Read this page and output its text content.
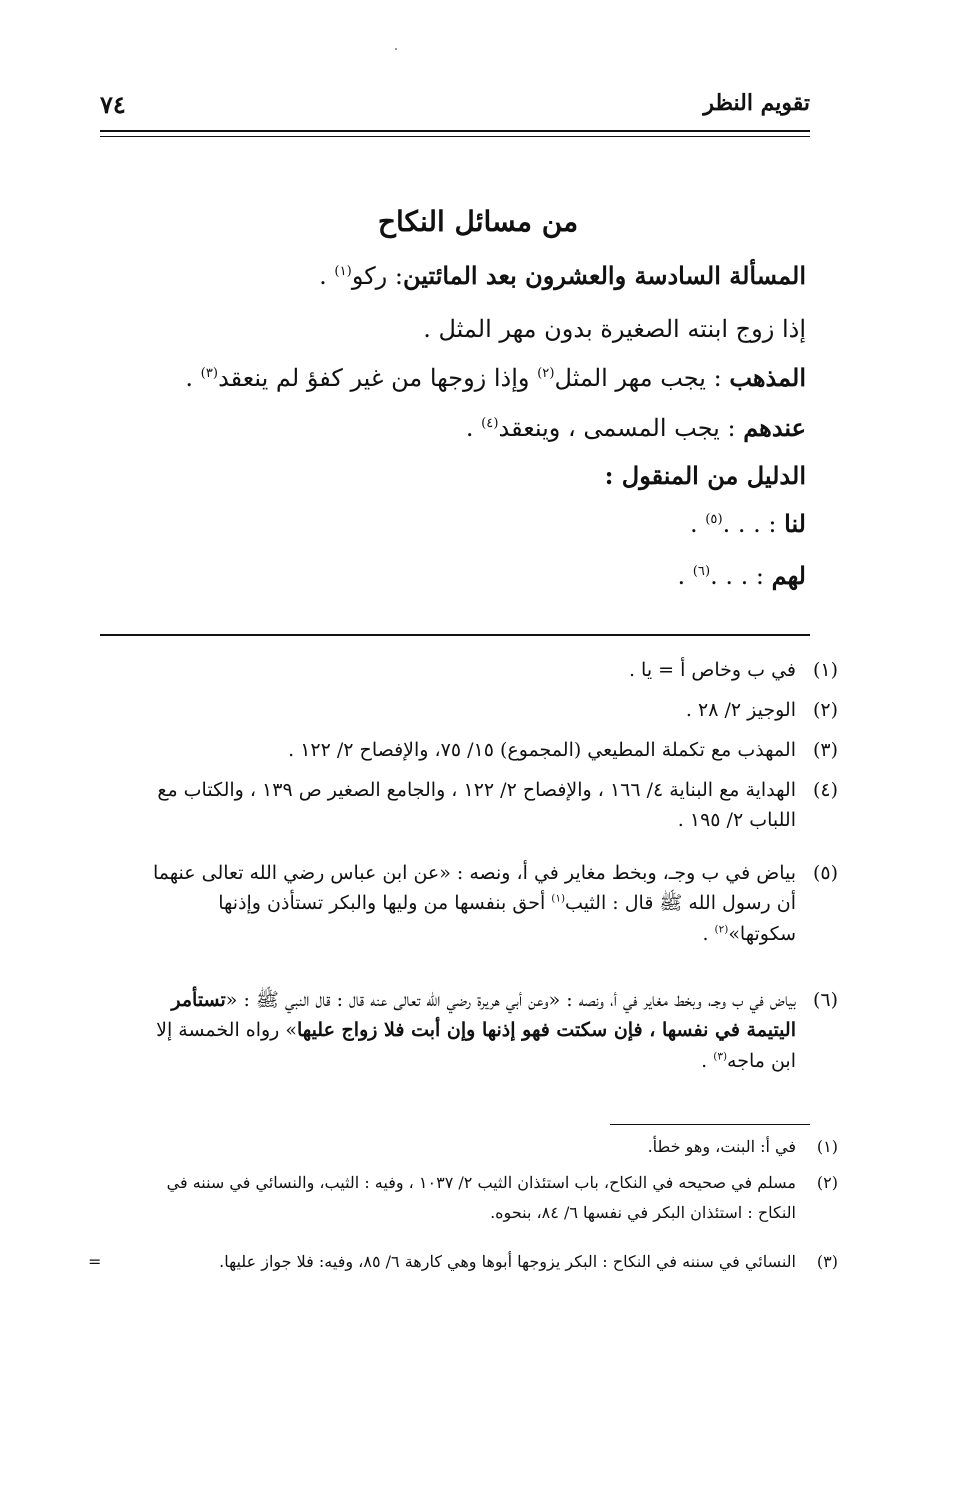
تقويم النظر
٧٤
من مسائل النكاح
المسألة السادسة والعشرون بعد المائتين: ركو$^{(١)}$ .
إذا زوج ابنته الصغيرة بدون مهر المثل .
المذهب : يجب مهر المثل$^{(٢)}$ وإذا زوجها من غير كفؤ لم ينعقد$^{(٣)}$ .
عندهم : يجب المسمى ، وينعقد$^{(٤)}$ .
الدليل من المنقول :
لنا : . . .$^{(٥)}$ .
لهم : . . .$^{(٦)}$ .
(١)
في ب وخاص أ = يا .
(٢)
الوجيز ٢/ ٢٨ .
(٣)
المهذب مع تكملة المطيعي (المجموع) ١٥/ ٧٥، والإفصاح ٢/ ١٢٢ .
(٤)
الهداية مع البناية ٤/ ١٦٦ ، والإفصاح ٢/ ١٢٢ ، والجامع الصغير ص ١٣٩ ، والكتاب مع اللباب ٢/ ١٩٥ .
(٥)
بياض في ب وجـ، وبخط مغاير في أ، ونصه : «عن ابن عباس رضي الله تعالى عنهما أن رسول الله ﷺ قال : الثيب$^{(١)}$ أحق بنفسها من وليها والبكر تستأذن وإذنها سكوتها»$^{(٢)}$ .
(٦)
بياض في ب وجـ، وبخط مغاير في أ، ونصه : «وعن أبي هريرة رضي الله تعالى عنه قال : قال النبي ﷺ : «تستأمر اليتيمة في نفسها ، فإن سكتت فهو إذنها وإن أبت فلا زواج عليها» رواه الخمسة إلا ابن ماجه$^{(٣)}$ .
(١)
في أ: البنت، وهو خطأ.
(٢)
مسلم في صحيحه في النكاح، باب استئذان الثيب ٢/ ١٠٣٧ ، وفيه : الثيب، والنسائي في سننه في النكاح : استئذان البكر في نفسها ٦/ ٨٤، بنحوه.
(٣)
النسائي في سننه في النكاح : البكر يزوجها أبوها وهي كارهة ٦/ ٨٥، وفيه: فلا جواز عليها.
=
